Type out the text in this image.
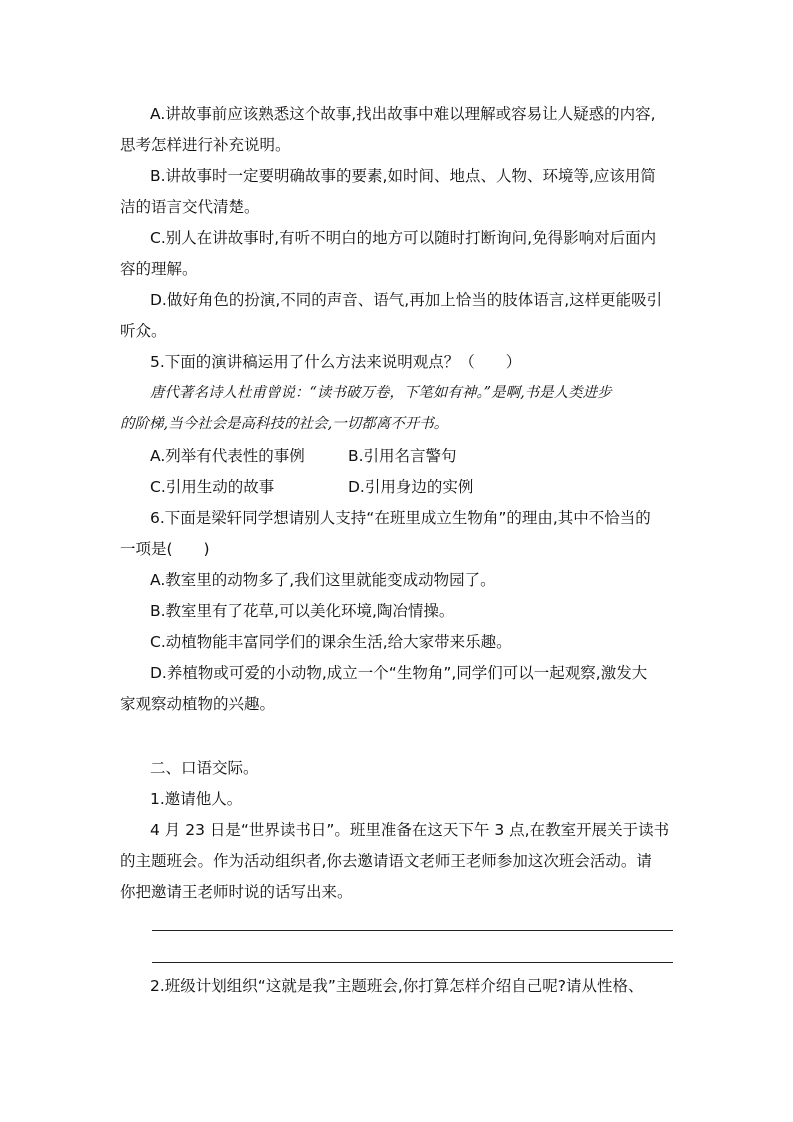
A.讲故事前应该熟悉这个故事,找出故事中难以理解或容易让人疑惑的内容,
思考怎样进行补充说明。
B.讲故事时一定要明确故事的要素,如时间、地点、人物、环境等,应该用简
洁的语言交代清楚。
C.别人在讲故事时,有听不明白的地方可以随时打断询问,免得影响对后面内
容的理解。
D.做好角色的扮演,不同的声音、语气,再加上恰当的肢体语言,这样更能吸引
听众。
5.下面的演讲稿运用了什么方法来说明观点？（　　）
唐代著名诗人杜甫曾说：“读书破万卷，下笔如有神。”是啊,书是人类进步
的阶梯,当今社会是高科技的社会,一切都离不开书。
A.列举有代表性的事例	B.引用名言警句
C.引用生动的故事	D.引用身边的实例
6.下面是梁轩同学想请别人支持“在班里成立生物角”的理由,其中不恰当的
一项是(　　)
A.教室里的动物多了,我们这里就能变成动物园了。
B.教室里有了花草,可以美化环境,陶冶情操。
C.动植物能丰富同学们的课余生活,给大家带来乐趣。
D.养植物或可爱的小动物,成立一个“生物角”,同学们可以一起观察,激发大
家观察动植物的兴趣。
二、口语交际。
1.邀请他人。
4 月 23 日是“世界读书日”。班里准备在这天下午 3 点,在教室开展关于读书
的主题班会。作为活动组织者,你去邀请语文老师王老师参加这次班会活动。请
你把邀请王老师时说的话写出来。
2.班级计划组织“这就是我”主题班会,你打算怎样介绍自己呢?请从性格、
